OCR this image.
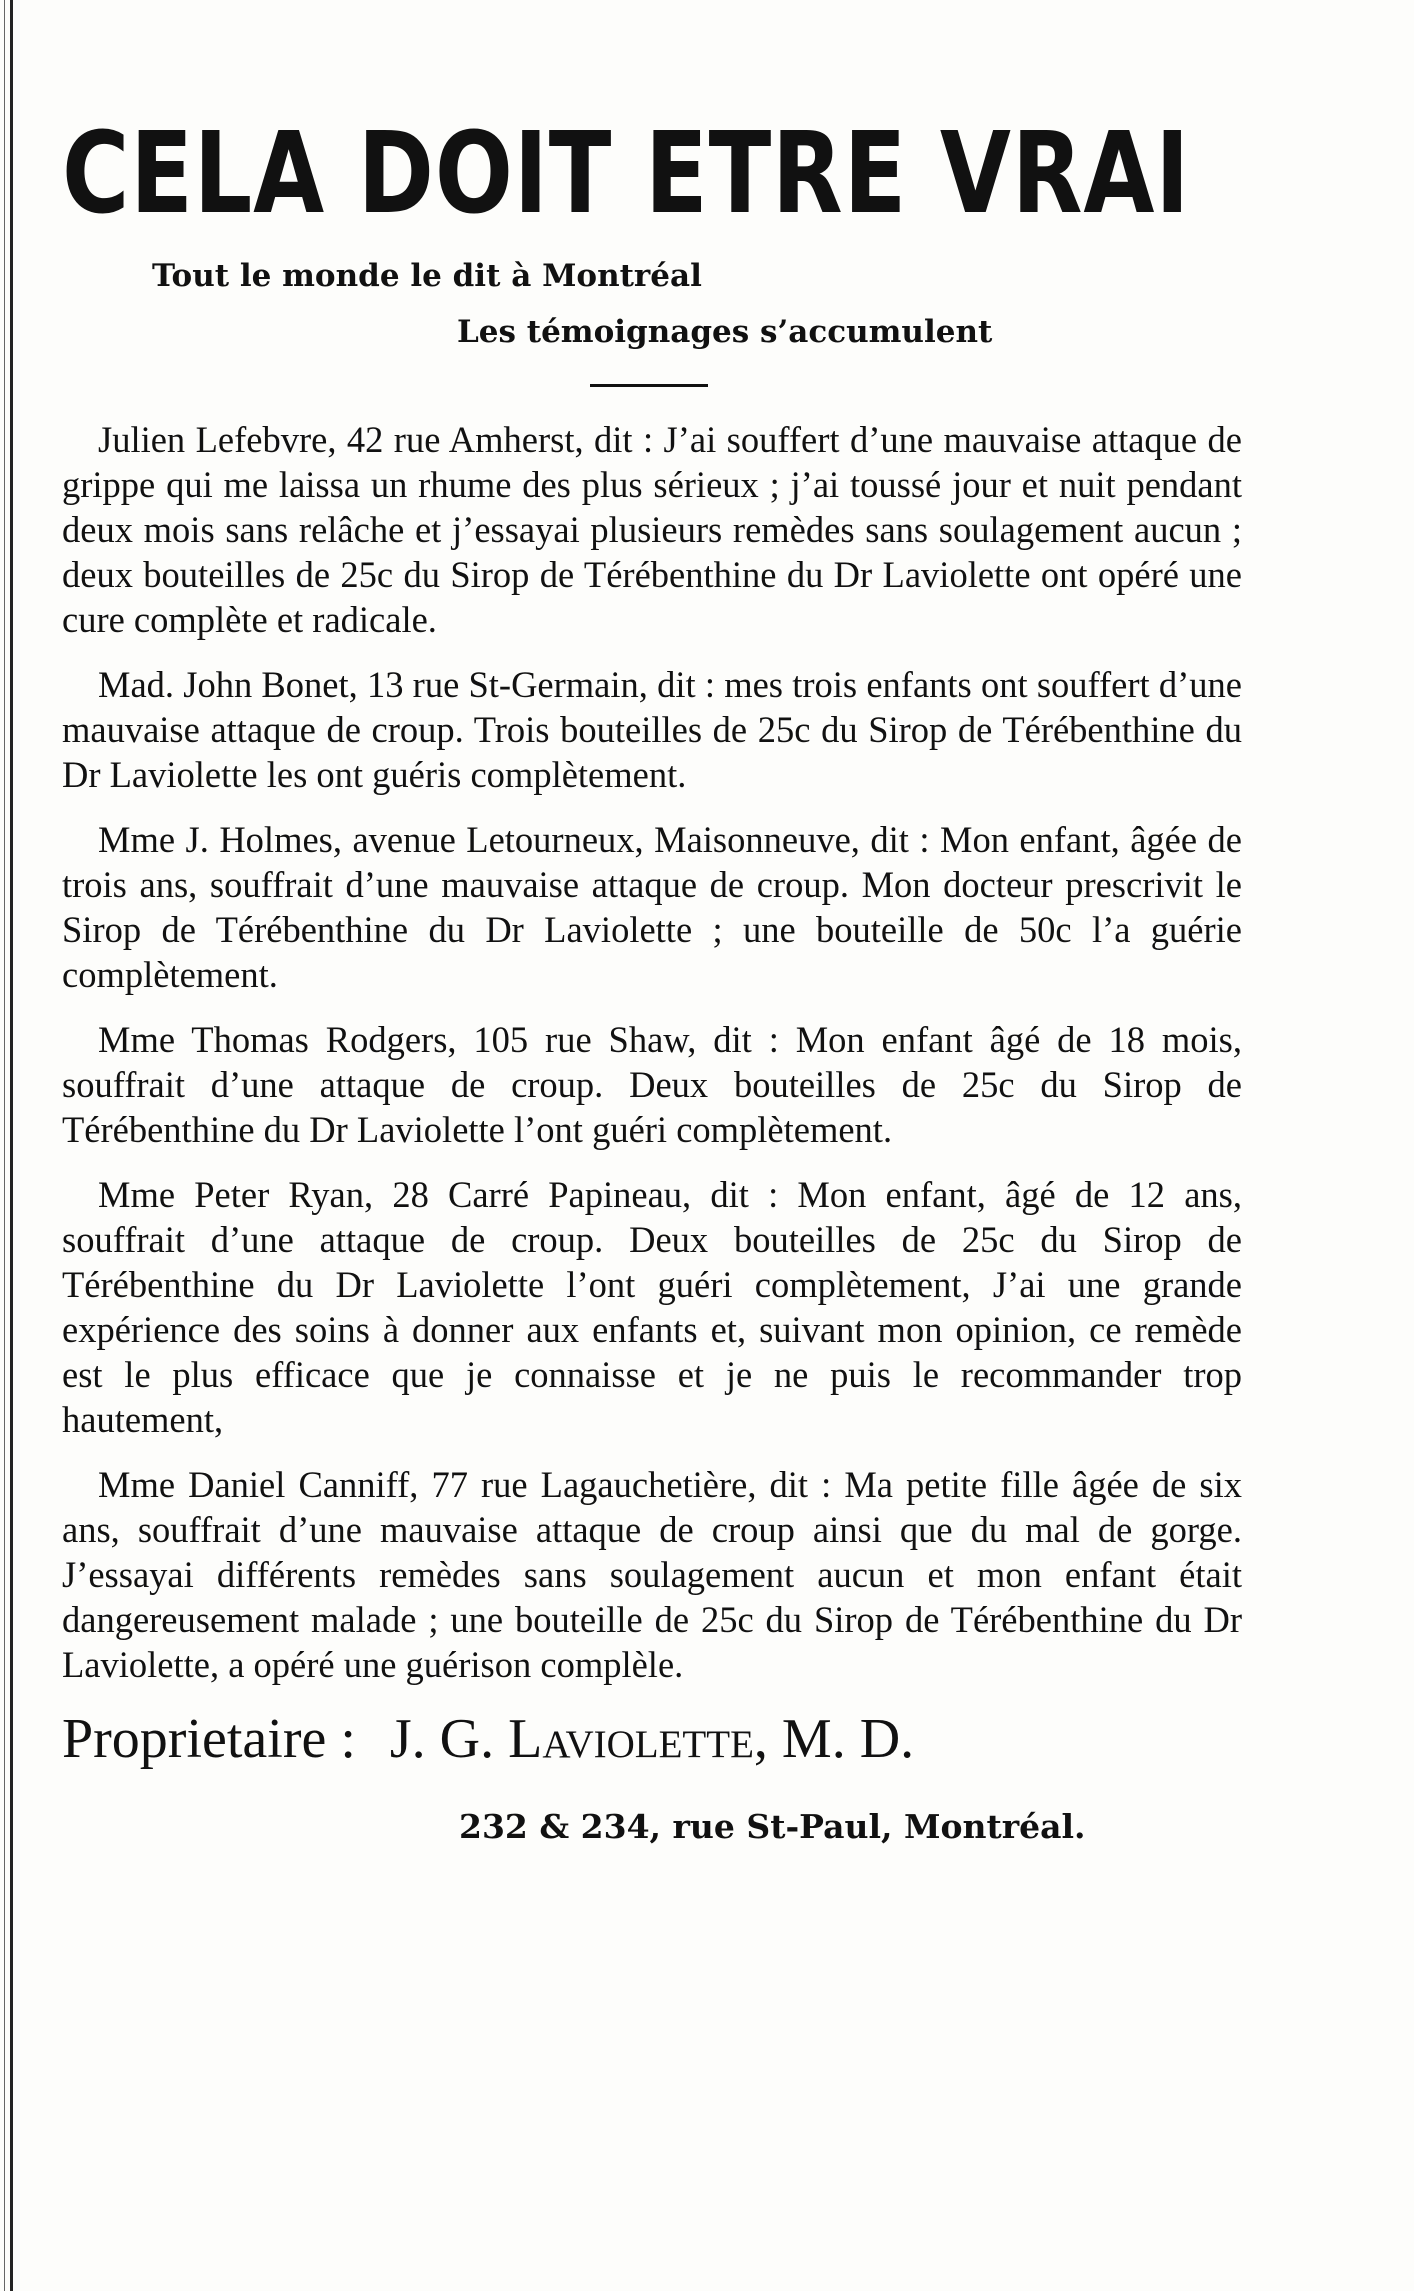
CELA DOIT ETRE VRAI
Tout le monde le dit à Montréal
Les témoignages s’accumulent

Julien Lefebvre, 42 rue Amherst, dit : J’ai souffert d’une mauvaise attaque de grippe qui me laissa un rhume des plus sérieux ; j’ai toussé jour et nuit pendant deux mois sans relâche et j’essayai plusieurs remèdes sans soulagement aucun ; deux bouteilles de 25c du Sirop de Térébenthine du Dr Laviolette ont opéré une cure complète et radicale.

Mad. John Bonet, 13 rue St-Germain, dit : mes trois enfants ont souffert d’une mauvaise attaque de croup. Trois bouteilles de 25c du Sirop de Térébenthine du Dr Laviolette les ont guéris complètement.

Mme J. Holmes, avenue Letourneux, Maisonneuve, dit : Mon enfant, âgée de trois ans, souffrait d’une mauvaise attaque de croup. Mon docteur prescrivit le Sirop de Térébenthine du Dr Laviolette ; une bouteille de 50c l’a guérie complètement.

Mme Thomas Rodgers, 105 rue Shaw, dit : Mon enfant âgé de 18 mois, souffrait d’une attaque de croup. Deux bouteilles de 25c du Sirop de Térébenthine du Dr Laviolette l’ont guéri complètement.

Mme Peter Ryan, 28 Carré Papineau, dit : Mon enfant, âgé de 12 ans, souffrait d’une attaque de croup. Deux bouteilles de 25c du Sirop de Térébenthine du Dr Laviolette l’ont guéri complètement, J’ai une grande expérience des soins à donner aux enfants et, suivant mon opinion, ce remède est le plus efficace que je connaisse et je ne puis le recommander trop hautement,

Mme Daniel Canniff, 77 rue Lagauchetière, dit : Ma petite fille âgée de six ans, souffrait d’une mauvaise attaque de croup ainsi que du mal de gorge. J’essayai différents remèdes sans soulagement aucun et mon enfant était dangereusement malade ; une bouteille de 25c du Sirop de Térébenthine du Dr Laviolette, a opéré une guérison complèle.

Proprietaire : J. G. Laviolette, M. D.
232 & 234, rue St-Paul, Montréal.
